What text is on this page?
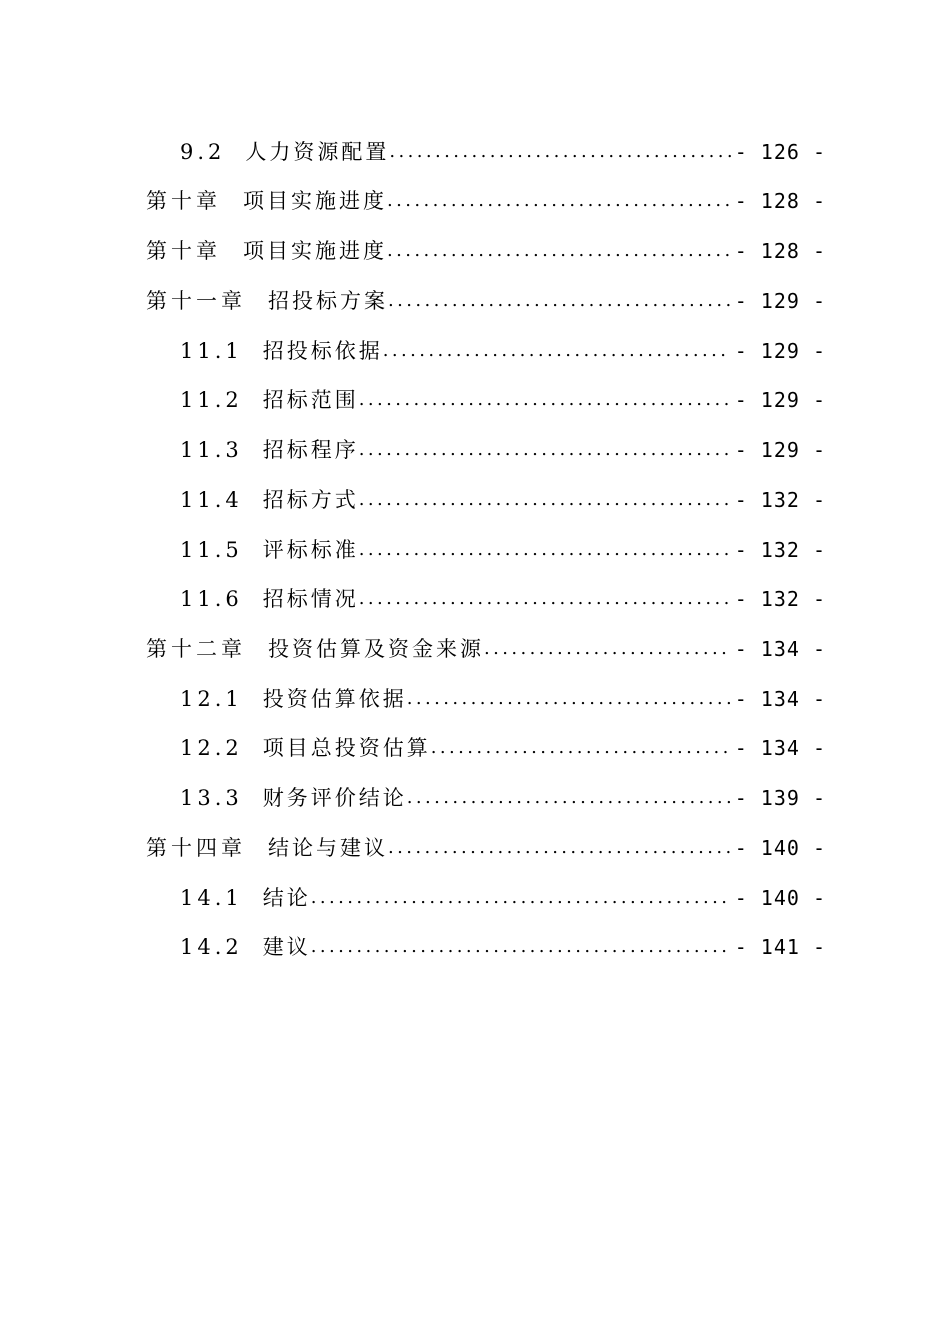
9.2 人力资源配置 .....	- 126 -
第十章 项目实施进度 .....	- 128 -
第十章 项目实施进度 .....	- 128 -
第十一章 招投标方案 .....	- 129 -
11.1 招投标依据 .....	- 129 -
11.2 招标范围 .....	- 129 -
11.3 招标程序 .....	- 129 -
11.4 招标方式 .....	- 132 -
11.5 评标标准 .....	- 132 -
11.6 招标情况 .....	- 132 -
第十二章 投资估算及资金来源 .....	- 134 -
12.1 投资估算依据 .....	- 134 -
12.2 项目总投资估算 .....	- 134 -
13.3 财务评价结论 .....	- 139 -
第十四章 结论与建议 .....	- 140 -
14.1 结论 .....	- 140 -
14.2 建议 .....	- 141 -
